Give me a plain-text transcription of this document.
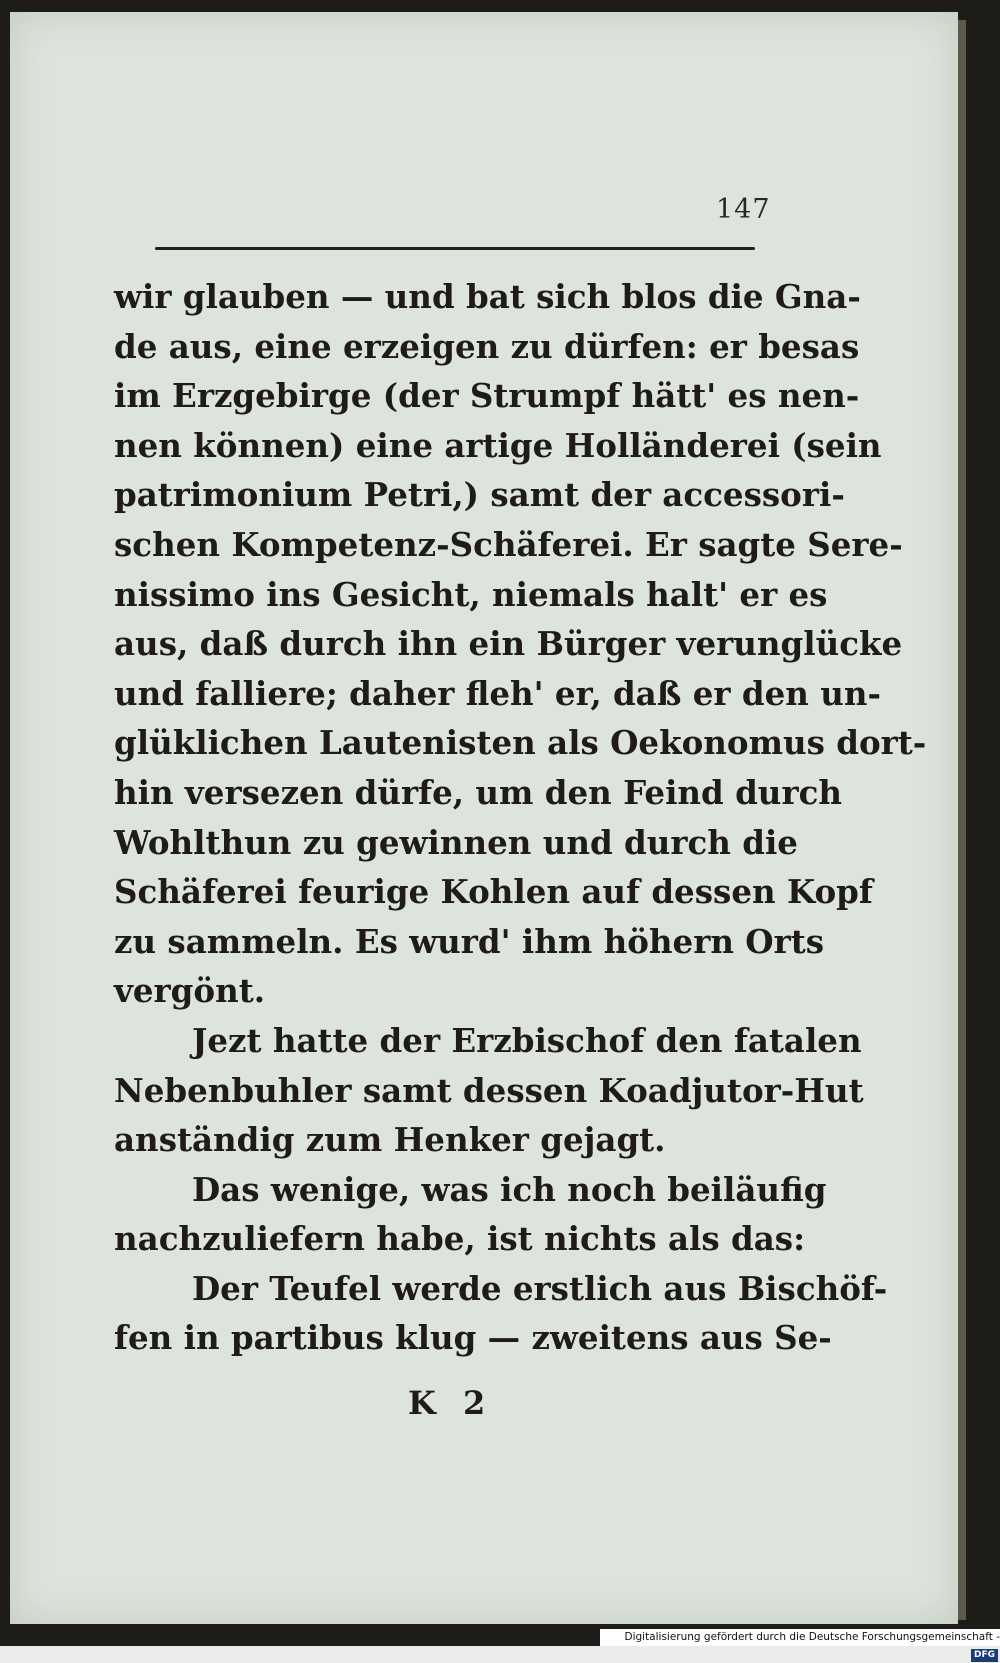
147
wir glauben — und bat sich blos die Gna-
de aus, eine erzeigen zu dürfen: er besas
im Erzgebirge (der Strumpf hätt' es nen-
nen können) eine artige Holländerei (sein
patrimonium Petri,) samt der accessori-
schen Kompetenz-Schäferei. Er sagte Sere-
nissimo ins Gesicht, niemals halt' er es
aus, daß durch ihn ein Bürger verunglücke
und falliere; daher fleh' er, daß er den un-
glüklichen Lautenisten als Oekonomus dort-
hin versezen dürfe, um den Feind durch
Wohlthun zu gewinnen und durch die
Schäferei feurige Kohlen auf dessen Kopf
zu sammeln. Es wurd' ihm höhern Orts
vergönt.
Jezt hatte der Erzbischof den fatalen
Nebenbuhler samt dessen Koadjutor-Hut
anständig zum Henker gejagt.
Das wenige, was ich noch beiläufig
nachzuliefern habe, ist nichts als das:
Der Teufel werde erstlich aus Bischöf-
fen in partibus klug — zweitens aus Se-
K 2
Digitalisierung gefördert durch die Deutsche Forschungsgemeinschaft -DFG
